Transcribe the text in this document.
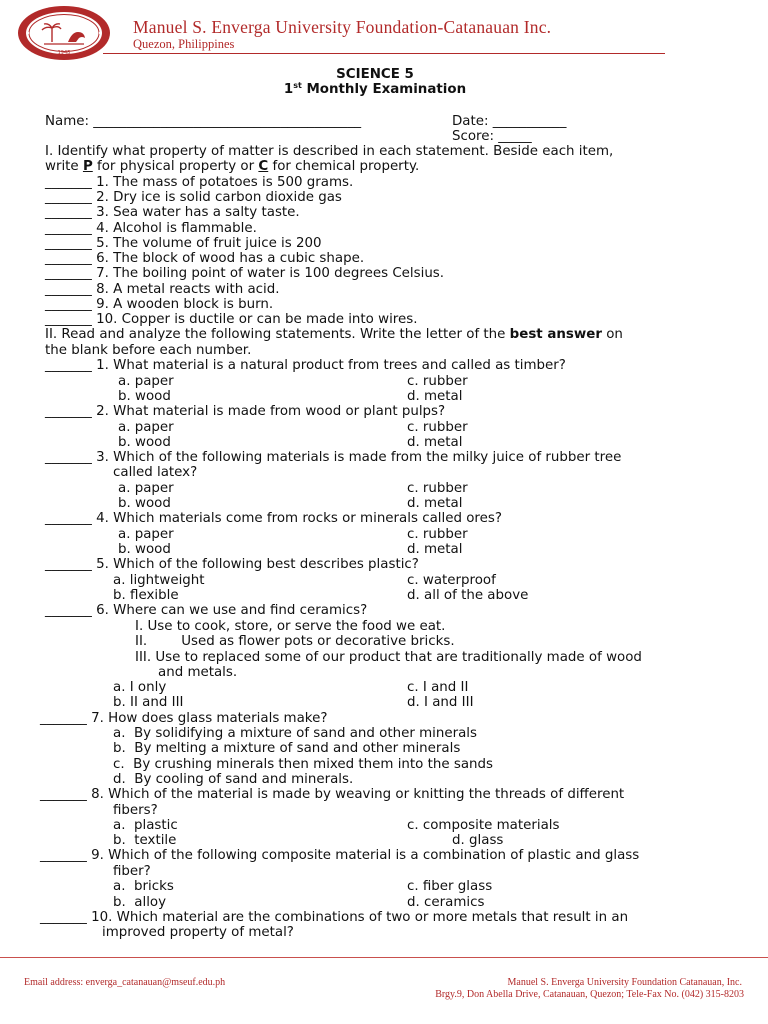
1948
Manuel S. Enverga University Foundation-Catanauan Inc.
Quezon, Philippines
SCIENCE 5
1st Monthly Examination
Name: ________________________________________	Date: ___________
Score: _____
I. Identify what property of matter is described in each statement. Beside each item,
write P for physical property or C for chemical property.
_______ 1. The mass of potatoes is 500 grams.
_______ 2. Dry ice is solid carbon dioxide gas
_______ 3. Sea water has a salty taste.
_______ 4. Alcohol is flammable.
_______ 5. The volume of fruit juice is 200
_______ 6. The block of wood has a cubic shape.
_______ 7. The boiling point of water is 100 degrees Celsius.
_______ 8. A metal reacts with acid.
_______ 9. A wooden block is burn.
_______ 10. Copper is ductile or can be made into wires.
II. Read and analyze the following statements. Write the letter of the best answer on
the blank before each number.
_______ 1. What material is a natural product from trees and called as timber?
a. paper	c. rubber
b. wood	d. metal
_______ 2. What material is made from wood or plant pulps?
a. paper	c. rubber
b. wood	d. metal
_______ 3. Which of the following materials is made from the milky juice of rubber tree
called latex?
a. paper	c. rubber
b. wood	d. metal
_______ 4. Which materials come from rocks or minerals called ores?
a. paper	c. rubber
b. wood	d. metal
_______ 5. Which of the following best describes plastic?
a. lightweight	c. waterproof
b. flexible	d. all of the above
_______ 6. Where can we use and find ceramics?
I. Use to cook, store, or serve the food we eat.
II.        Used as flower pots or decorative bricks.
III. Use to replaced some of our product that are traditionally made of wood
and metals.
a. I only	c. I and II
b. II and III	d. I and III
_______ 7. How does glass materials make?
a.  By solidifying a mixture of sand and other minerals
b.  By melting a mixture of sand and other minerals
c.  By crushing minerals then mixed them into the sands
d.  By cooling of sand and minerals.
_______ 8. Which of the material is made by weaving or knitting the threads of different
fibers?
a.  plastic	c. composite materials
b.  textile	d. glass
_______ 9. Which of the following composite material is a combination of plastic and glass
fiber?
a.  bricks	c. fiber glass
b.  alloy	d. ceramics
_______ 10. Which material are the combinations of two or more metals that result in an
improved property of metal?
Email address: enverga_catanauan@mseuf.edu.ph	Manuel S. Enverga University Foundation Catanauan, Inc.
Brgy.9, Don Abella Drive, Catanauan, Quezon; Tele-Fax No. (042) 315-8203
